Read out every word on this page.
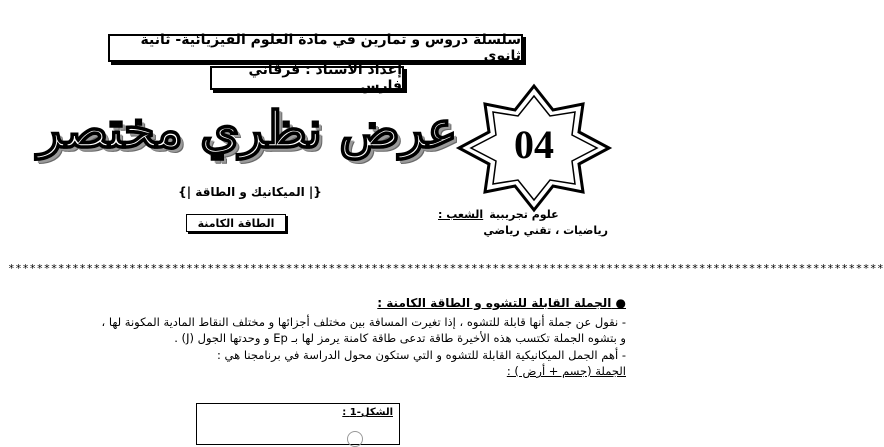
سلسلة دروس و تمارين في مادة العلوم الفيزيائية- ثانية ثانوي
إعداد الأستاذ : فرقاني فارس
عرض نظري مختصر	04
{| الميكانيك و الطاقة |}
الطاقة الكامنة
الشعب : علوم تجريبية
رياضيات ، تقني رياضي
***************************************************************************************************************************
● الجملة القابلة للتشوه و الطاقة الكامنة :
- نقول عن جملة أنها قابلة للتشوه ، إذا تغيرت المسافة بين مختلف أجزائها و مختلف النقاط المادية المكونة لها ،
و بتشوه الجملة تكتسب هذه الأخيرة طاقة تدعى طاقة كامنة يرمز لها بـ Ep و وحدتها الجول (J) .
- أهم الجمل الميكانيكية القابلة للتشوه و التي ستكون محول الدراسة في برنامجنا هي :
الجملة (جسم + أرض ) :
الشكل-1 :
